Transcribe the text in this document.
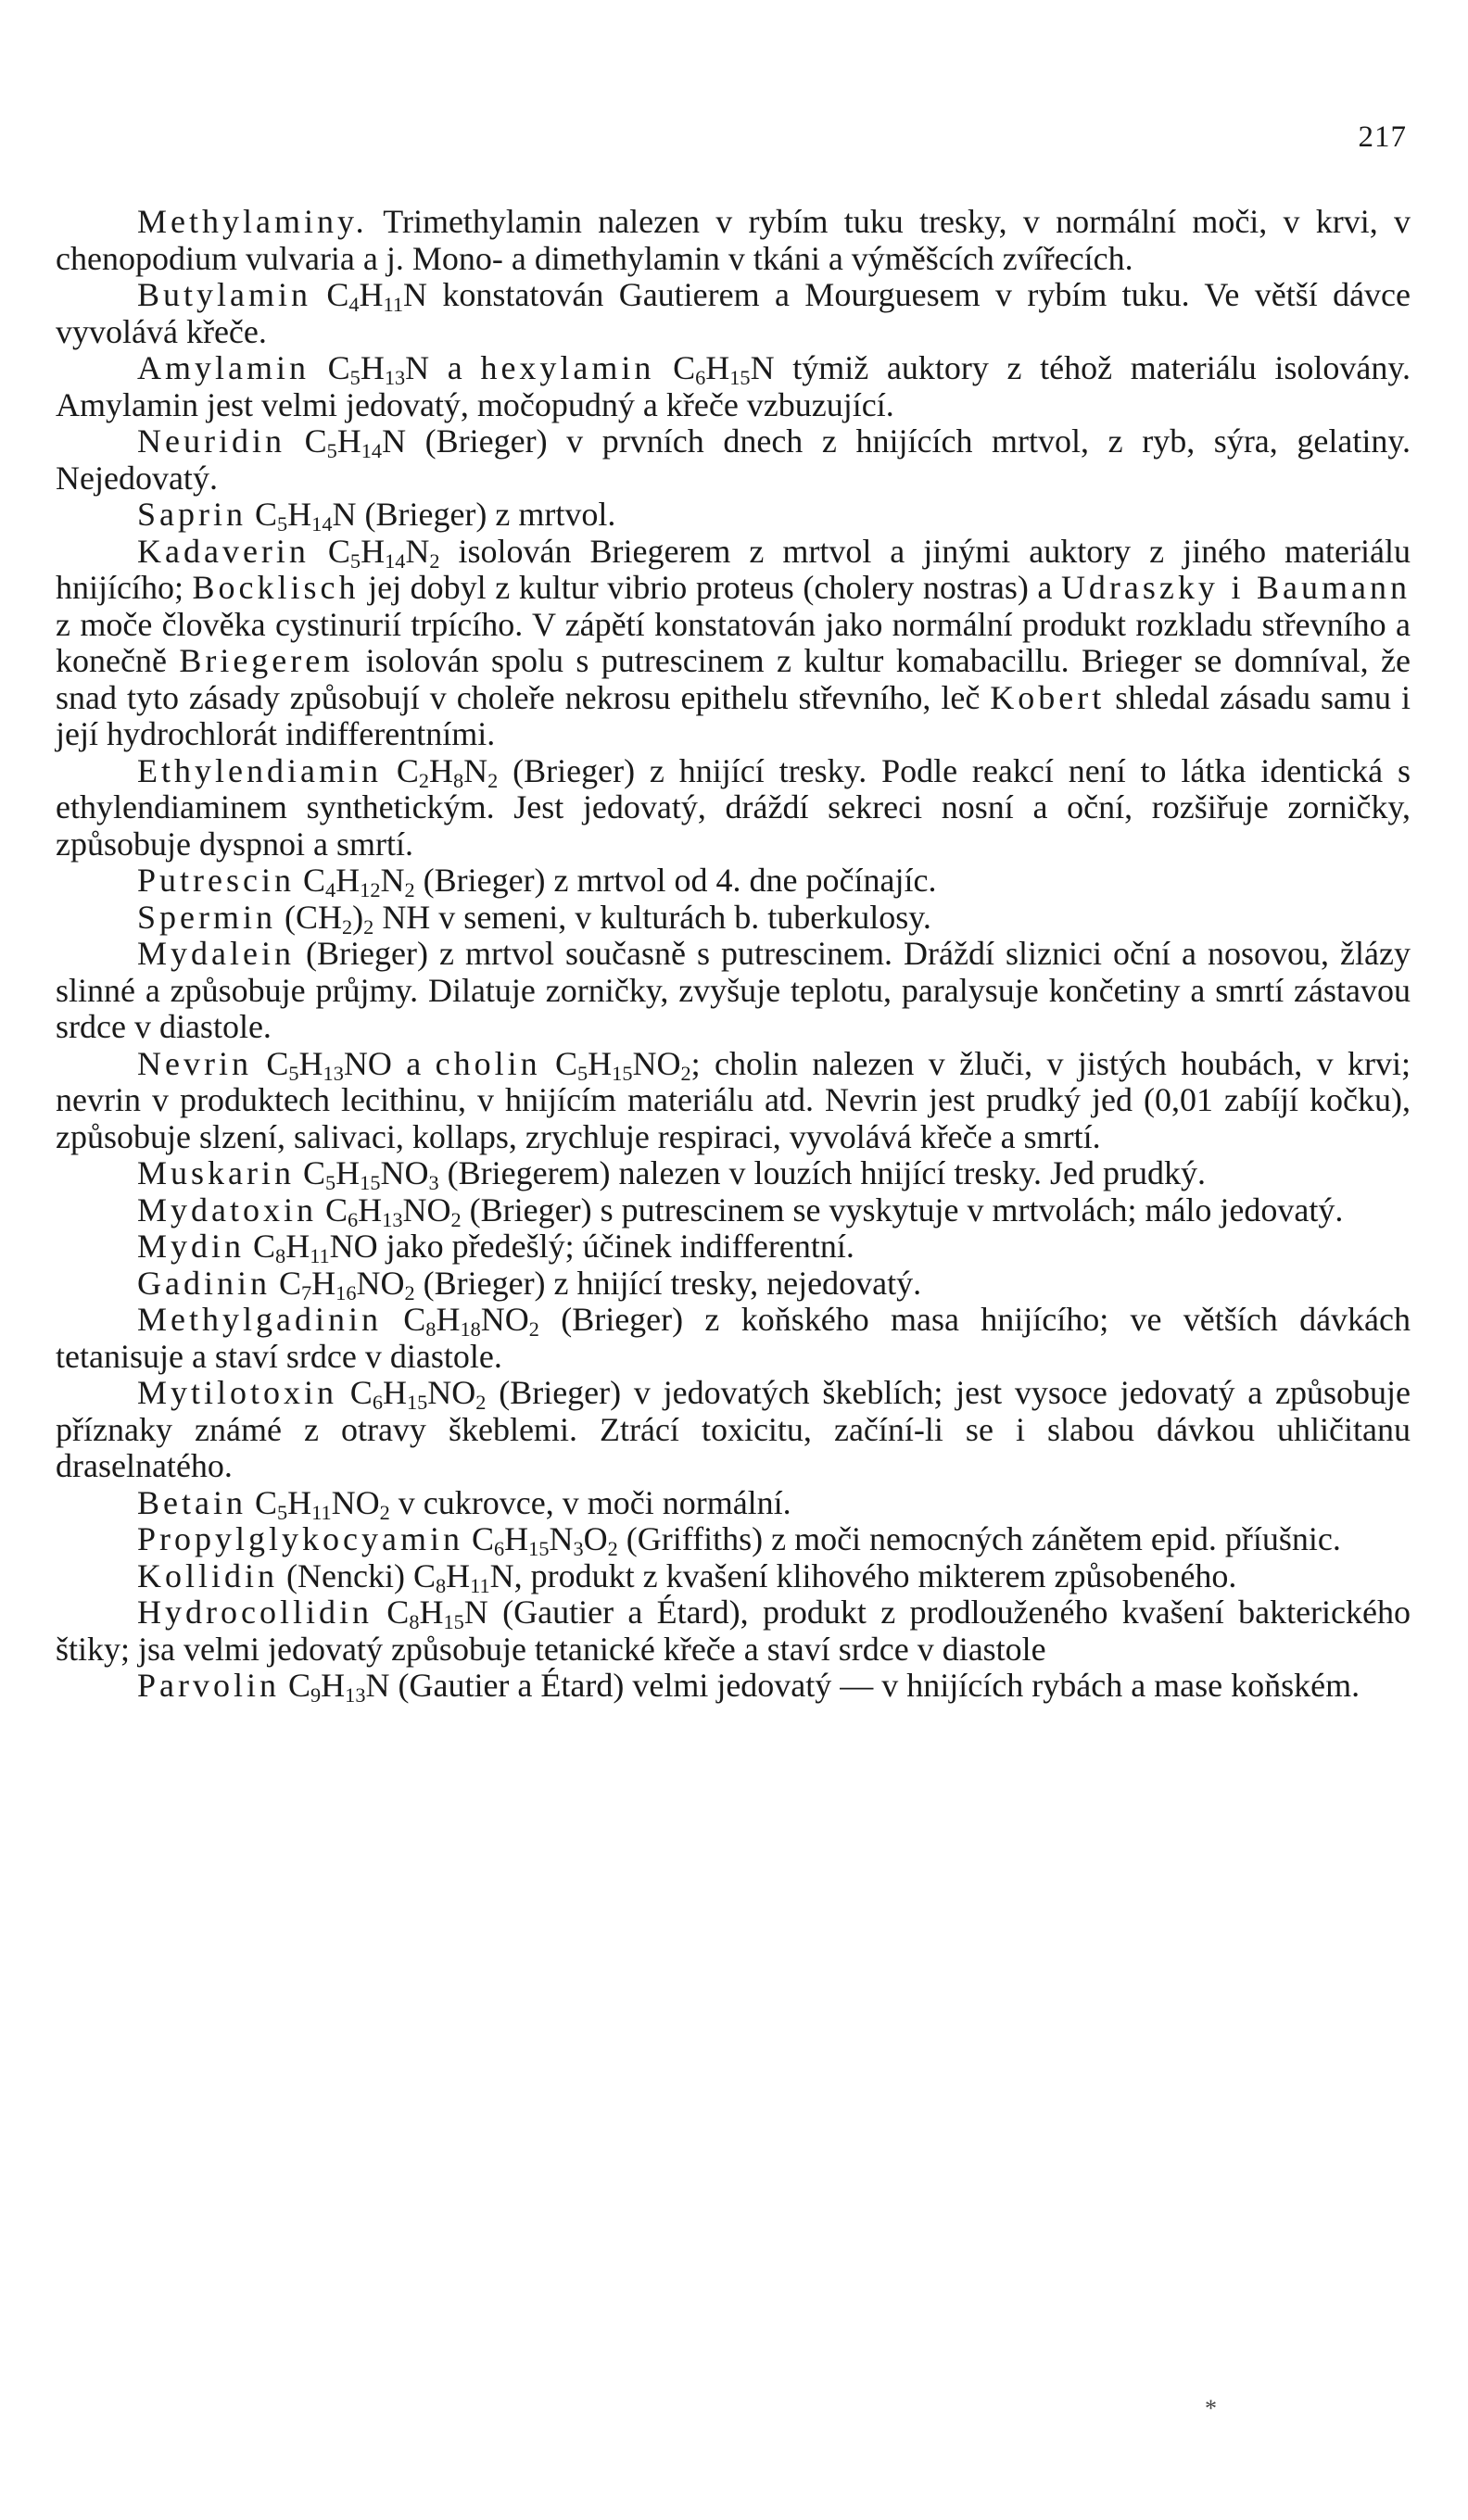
217

Methylaminy. Trimethylamin nalezen v rybím tuku tresky, v normální moči, v krvi, v chenopodium vulvaria a j. Mono- a dimethylamin v tkáni a výměšcích zvířecích.

Butylamin $C_4H_{11}N$ konstatován Gautierem a Mourguesem v rybím tuku. Ve větší dávce vyvolává křeče.

Amylamin $C_5H_{13}N$ a hexylamin $C_6H_{15}N$ týmiž auktory z téhož materiálu isolovány. Amylamin jest velmi jedovatý, močopudný a křeče vzbuzující.

Neuridin $C_5H_{14}N$ (Brieger) v prvních dnech z hnijících mrtvol, z ryb, sýra, gelatiny. Nejedovatý.

Saprin $C_5H_{14}N$ (Brieger) z mrtvol.

Kadaverin $C_5H_{14}N_2$ isolován Briegerem z mrtvol a jinými auktory z jiného materiálu hnijícího; Bocklisch jej dobyl z kultur vibrio proteus (cholery nostras) a Udraszky i Baumann z moče člověka cystinurií trpícího. V zápětí konstatován jako normální produkt rozkladu střevního a konečně Briegerem isolován spolu s putrescinem z kultur komabacillu. Brieger se domníval, že snad tyto zásady způsobují v choleře nekrosu epithelu střevního, leč Kobert shledal zásadu samu i její hydrochlorát indifferentními.

Ethylendiamin $C_2H_8N_2$ (Brieger) z hnijící tresky. Podle reakcí není to látka identická s ethylendiaminem synthetickým. Jest jedovatý, dráždí sekreci nosní a oční, rozšiřuje zorničky, způsobuje dyspnoi a smrtí.

Putrescin $C_4H_{12}N_2$ (Brieger) z mrtvol od 4. dne počínajíc.

Spermin $(CH_2)_2$ NH v semeni, v kulturách b. tuberkulosy.

Mydalein (Brieger) z mrtvol současně s putrescinem. Dráždí sliznici oční a nosovou, žlázy slinné a způsobuje průjmy. Dilatuje zorničky, zvyšuje teplotu, paralysuje končetiny a smrtí zástavou srdce v diastole.

Nevrin $C_5H_{13}NO$ a cholin $C_5H_{15}NO_2$; cholin nalezen v žluči, v jistých houbách, v krvi; nevrin v produktech lecithinu, v hnijícím materiálu atd. Nevrin jest prudký jed (0,01 zabíjí kočku), způsobuje slzení, salivaci, kollaps, zrychluje respiraci, vyvolává křeče a smrtí.

Muskarin $C_5H_{15}NO_3$ (Briegerem) nalezen v louzích hnijící tresky. Jed prudký.

Mydatoxin $C_6H_{13}NO_2$ (Brieger) s putrescinem se vyskytuje v mrtvolách; málo jedovatý.

Mydin $C_8H_{11}NO$ jako předešlý; účinek indifferentní.

Gadinin $C_7H_{16}NO_2$ (Brieger) z hnijící tresky, nejedovatý.

Methylgadinin $C_8H_{18}NO_2$ (Brieger) z koňského masa hnijícího; ve větších dávkách tetanisuje a staví srdce v diastole.

Mytilotoxin $C_6H_{15}NO_2$ (Brieger) v jedovatých škeblích; jest vysoce jedovatý a způsobuje příznaky známé z otravy škeblemi. Ztrácí toxicitu, začíní-li se i slabou dávkou uhličitanu draselnatého.

Betain $C_5H_{11}NO_2$ v cukrovce, v moči normální.

Propylglykocyamin $C_6H_{15}N_3O_2$ (Griffiths) z moči nemocných zánětem epid. příušnic.

Kollidin (Nencki) $C_8H_{11}N$, produkt z kvašení klihového mikterem způsobeného.

Hydrocollidin $C_8H_{15}N$ (Gautier a Étard), produkt z prodlouženého kvašení bakterického štiky; jsa velmi jedovatý způsobuje tetanické křeče a staví srdce v diastole

Parvolin $C_9H_{13}N$ (Gautier a Étard) velmi jedovatý — v hnijících rybách a mase koňském.

*
